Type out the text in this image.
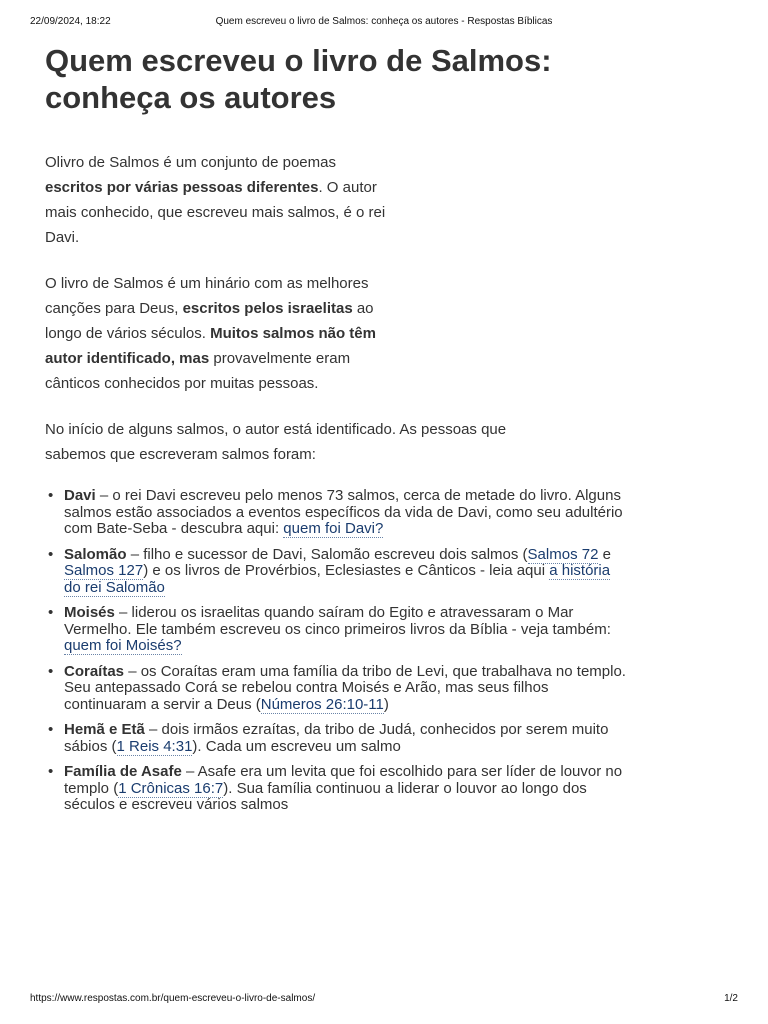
22/09/2024, 18:22	Quem escreveu o livro de Salmos: conheça os autores - Respostas Bíblicas
Quem escreveu o livro de Salmos: conheça os autores

Olivro de Salmos é um conjunto de poemas escritos por várias pessoas diferentes. O autor mais conhecido, que escreveu mais salmos, é o rei Davi.

O livro de Salmos é um hinário com as melhores canções para Deus, escritos pelos israelitas ao longo de vários séculos. Muitos salmos não têm autor identificado, mas provavelmente eram cânticos conhecidos por muitas pessoas.

No início de alguns salmos, o autor está identificado. As pessoas que sabemos que escreveram salmos foram:

• Davi – o rei Davi escreveu pelo menos 73 salmos, cerca de metade do livro. Alguns salmos estão associados a eventos específicos da vida de Davi, como seu adultério com Bate-Seba - descubra aqui: quem foi Davi?
• Salomão – filho e sucessor de Davi, Salomão escreveu dois salmos (Salmos 72 e Salmos 127) e os livros de Provérbios, Eclesiastes e Cânticos - leia aqui a história do rei Salomão
• Moisés – liderou os israelitas quando saíram do Egito e atravessaram o Mar Vermelho. Ele também escreveu os cinco primeiros livros da Bíblia - veja também: quem foi Moisés?
• Coraítas – os Coraítas eram uma família da tribo de Levi, que trabalhava no templo. Seu antepassado Corá se rebelou contra Moisés e Arão, mas seus filhos continuaram a servir a Deus (Números 26:10-11)
• Hemã e Etã – dois irmãos ezraítas, da tribo de Judá, conhecidos por serem muito sábios (1 Reis 4:31). Cada um escreveu um salmo
• Família de Asafe – Asafe era um levita que foi escolhido para ser líder de louvor no templo (1 Crônicas 16:7). Sua família continuou a liderar o louvor ao longo dos séculos e escreveu vários salmos
https://www.respostas.com.br/quem-escreveu-o-livro-de-salmos/	1/2
